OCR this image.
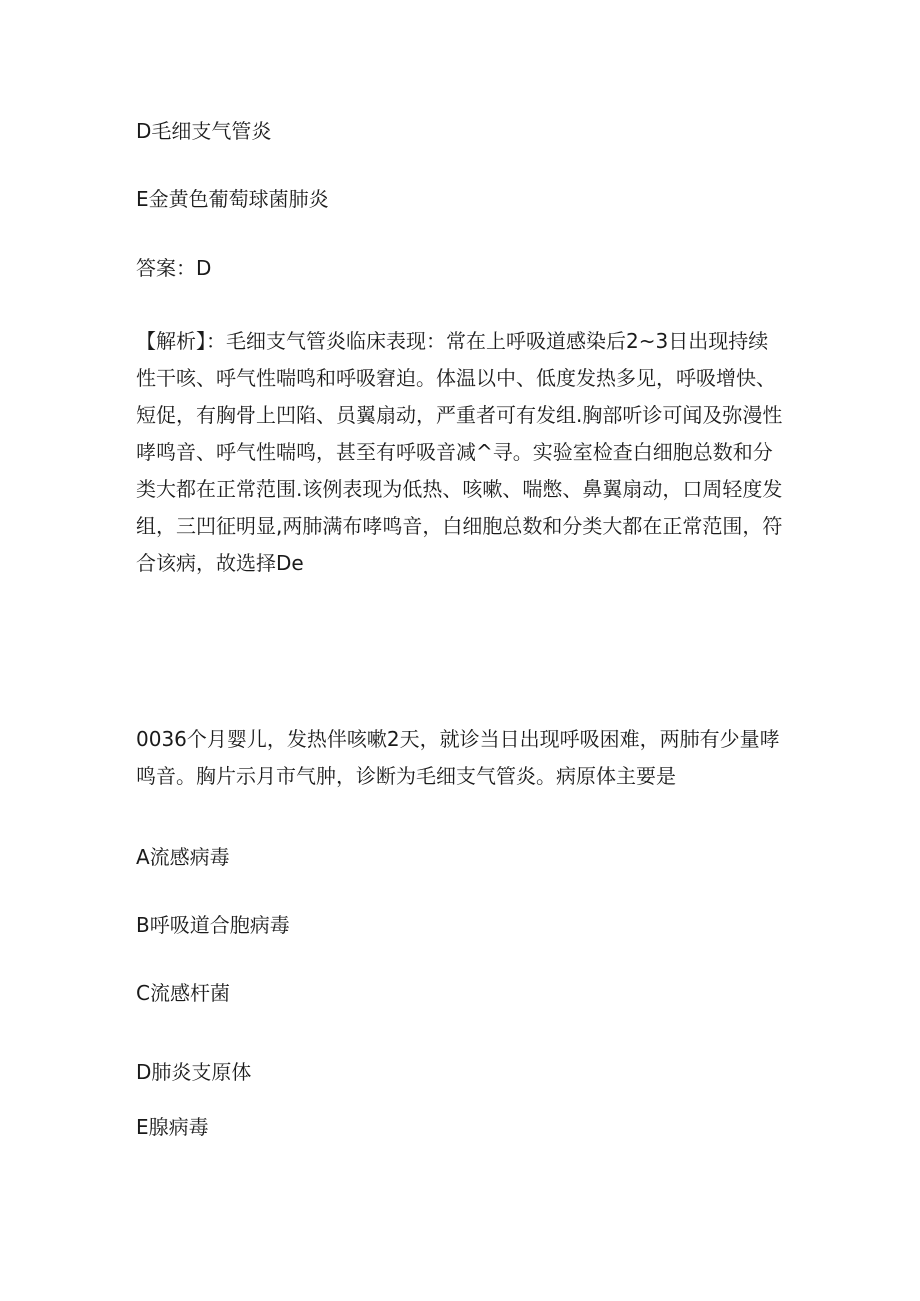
D毛细支气管炎

E金黄色葡萄球菌肺炎

答案：D

【解析】：毛细支气管炎临床表现：常在上呼吸道感染后2~3日出现持续
性干咳、呼气性喘鸣和呼吸窘迫。体温以中、低度发热多见，呼吸增快、
短促，有胸骨上凹陷、员翼扇动，严重者可有发组.胸部听诊可闻及弥漫性
哮鸣音、呼气性喘鸣，甚至有呼吸音减^寻。实验室检查白细胞总数和分
类大都在正常范围.该例表现为低热、咳嗽、喘憋、鼻翼扇动，口周轻度发
组，三凹征明显,两肺满布哮鸣音，白细胞总数和分类大都在正常范围，符
合该病，故选择De
0036个月婴儿，发热伴咳嗽2天，就诊当日出现呼吸困难，两肺有少量哮
鸣音。胸片示月市气肿，诊断为毛细支气管炎。病原体主要是

A流感病毒

B呼吸道合胞病毒

C流感杆菌

D肺炎支原体

E腺病毒
